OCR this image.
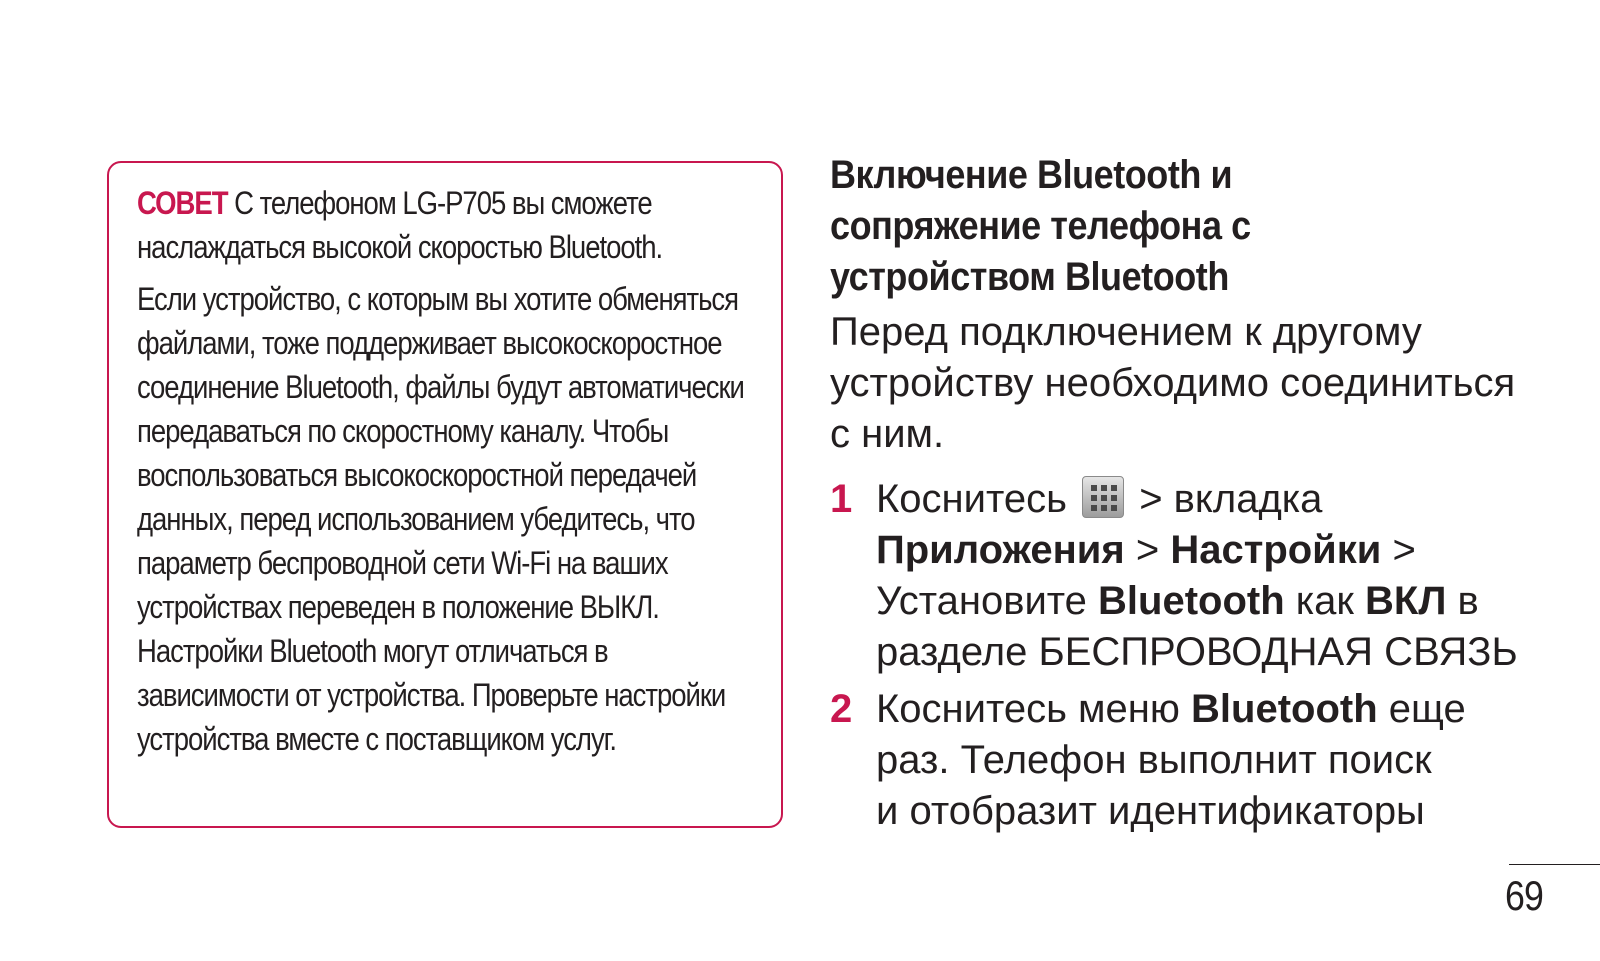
СОВЕТ С телефоном LG-P705 вы сможете наслаждаться высокой скоростью Bluetooth.

Если устройство, с которым вы хотите обменяться файлами, тоже поддерживает высокоскоростное соединение Bluetooth, файлы будут автоматически передаваться по скоростному каналу. Чтобы воспользоваться высокоскоростной передачей данных, перед использованием убедитесь, что параметр беспроводной сети Wi-Fi на ваших устройствах переведен в положение ВЫКЛ. Настройки Bluetooth могут отличаться в зависимости от устройства. Проверьте настройки устройства вместе с поставщиком услуг.

Включение Bluetooth и
сопряжение телефона с
устройством Bluetooth
Перед подключением к другому
устройству необходимо соединиться
с ним.
1 Коснитесь > вкладка Приложения > Настройки > Установите Bluetooth как ВКЛ в разделе БЕСПРОВОДНАЯ СВЯЗЬ
2 Коснитесь меню Bluetooth еще раз. Телефон выполнит поиск
и отобразит идентификаторы
69
